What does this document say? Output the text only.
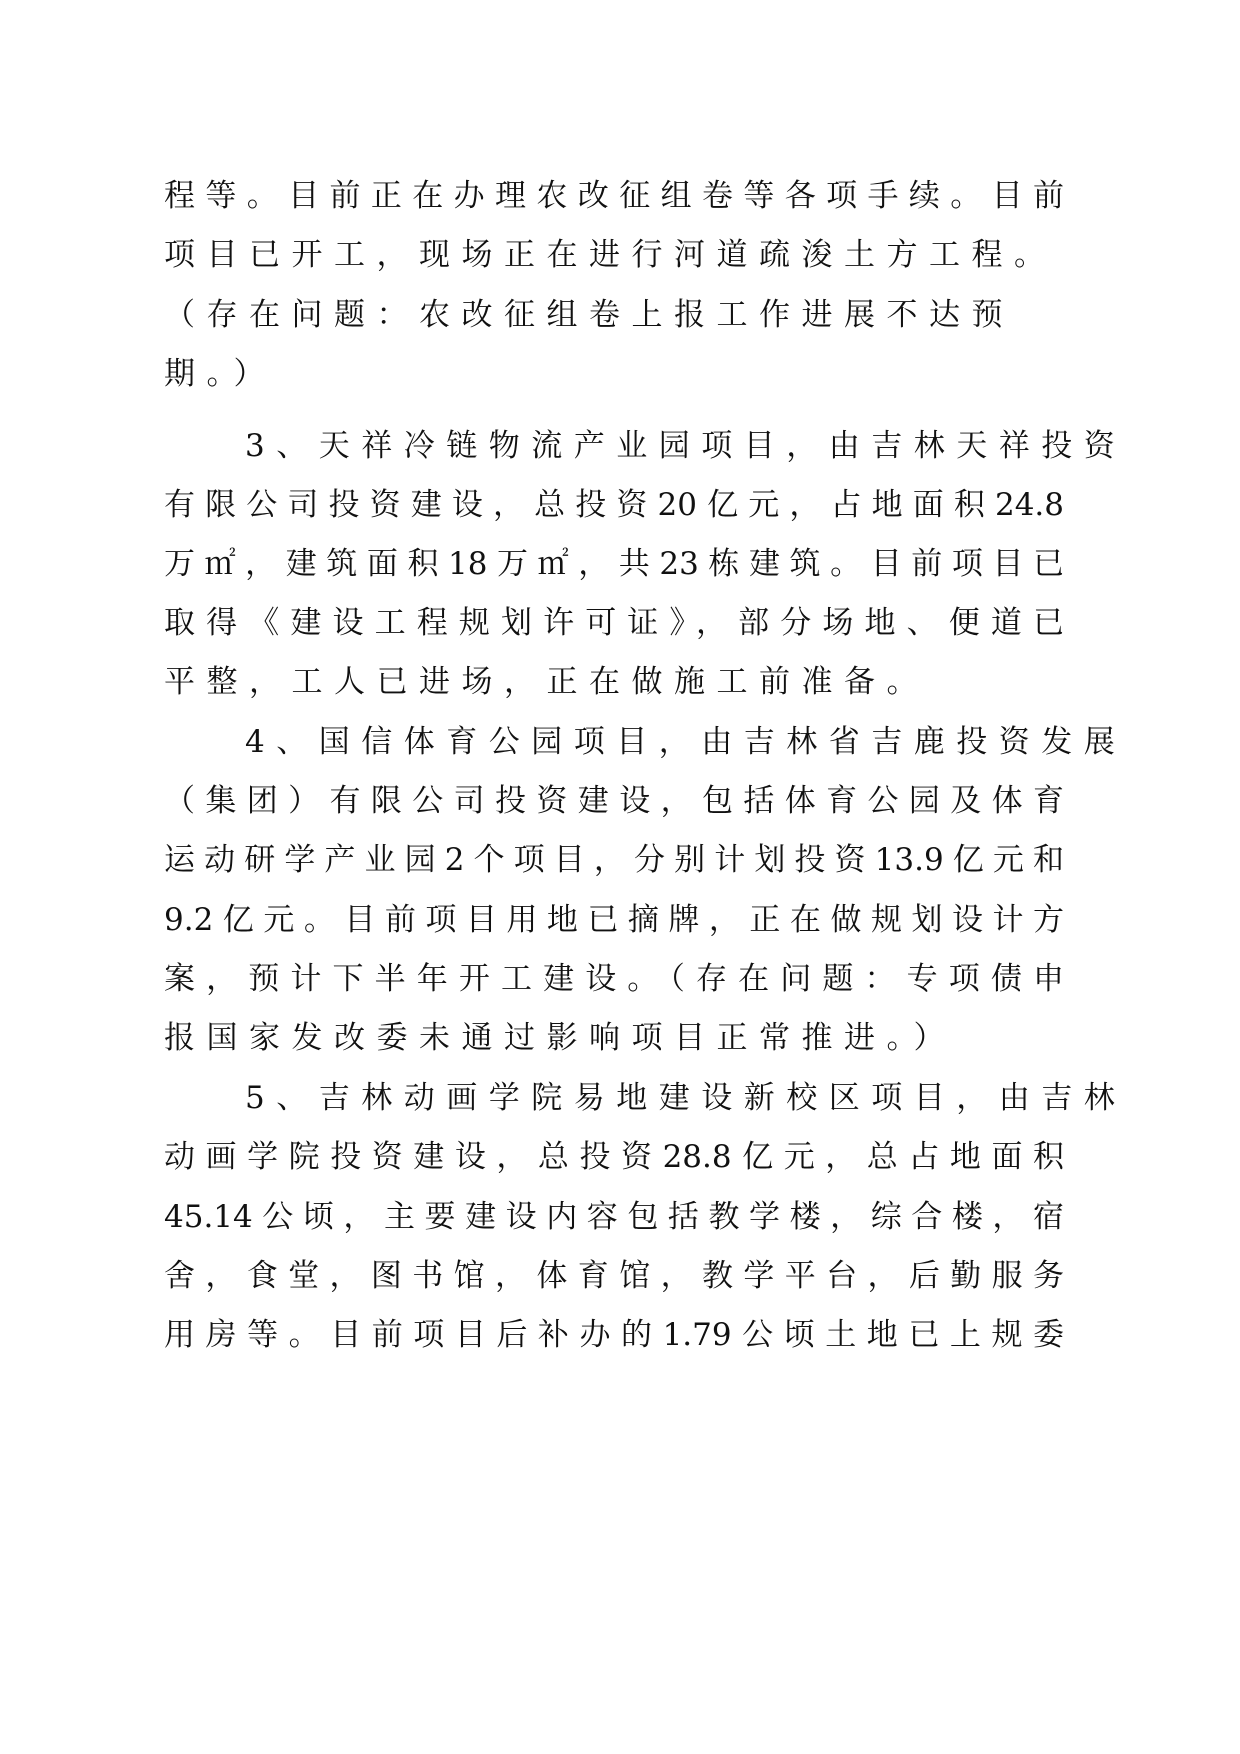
程等。目前正在办理农改征组卷等各项手续。目前
项目已开工，现场正在进行河道疏浚土方工程。
（存在问题：农改征组卷上报工作进展不达预
期。）
3、天祥冷链物流产业园项目，由吉林天祥投资
有限公司投资建设，总投资20亿元，占地面积24.8
万㎡，建筑面积18万㎡，共23栋建筑。目前项目已
取得《建设工程规划许可证》，部分场地、便道已
平整，工人已进场，正在做施工前准备。
4、国信体育公园项目，由吉林省吉鹿投资发展
（集团）有限公司投资建设，包括体育公园及体育
运动研学产业园2个项目，分别计划投资13.9亿元和
9.2亿元。目前项目用地已摘牌，正在做规划设计方
案，预计下半年开工建设。（存在问题：专项债申
报国家发改委未通过影响项目正常推进。）
5、吉林动画学院易地建设新校区项目，由吉林
动画学院投资建设，总投资28.8亿元，总占地面积
45.14公顷，主要建设内容包括教学楼，综合楼，宿
舍，食堂，图书馆，体育馆，教学平台，后勤服务
用房等。目前项目后补办的1.79公顷土地已上规委
